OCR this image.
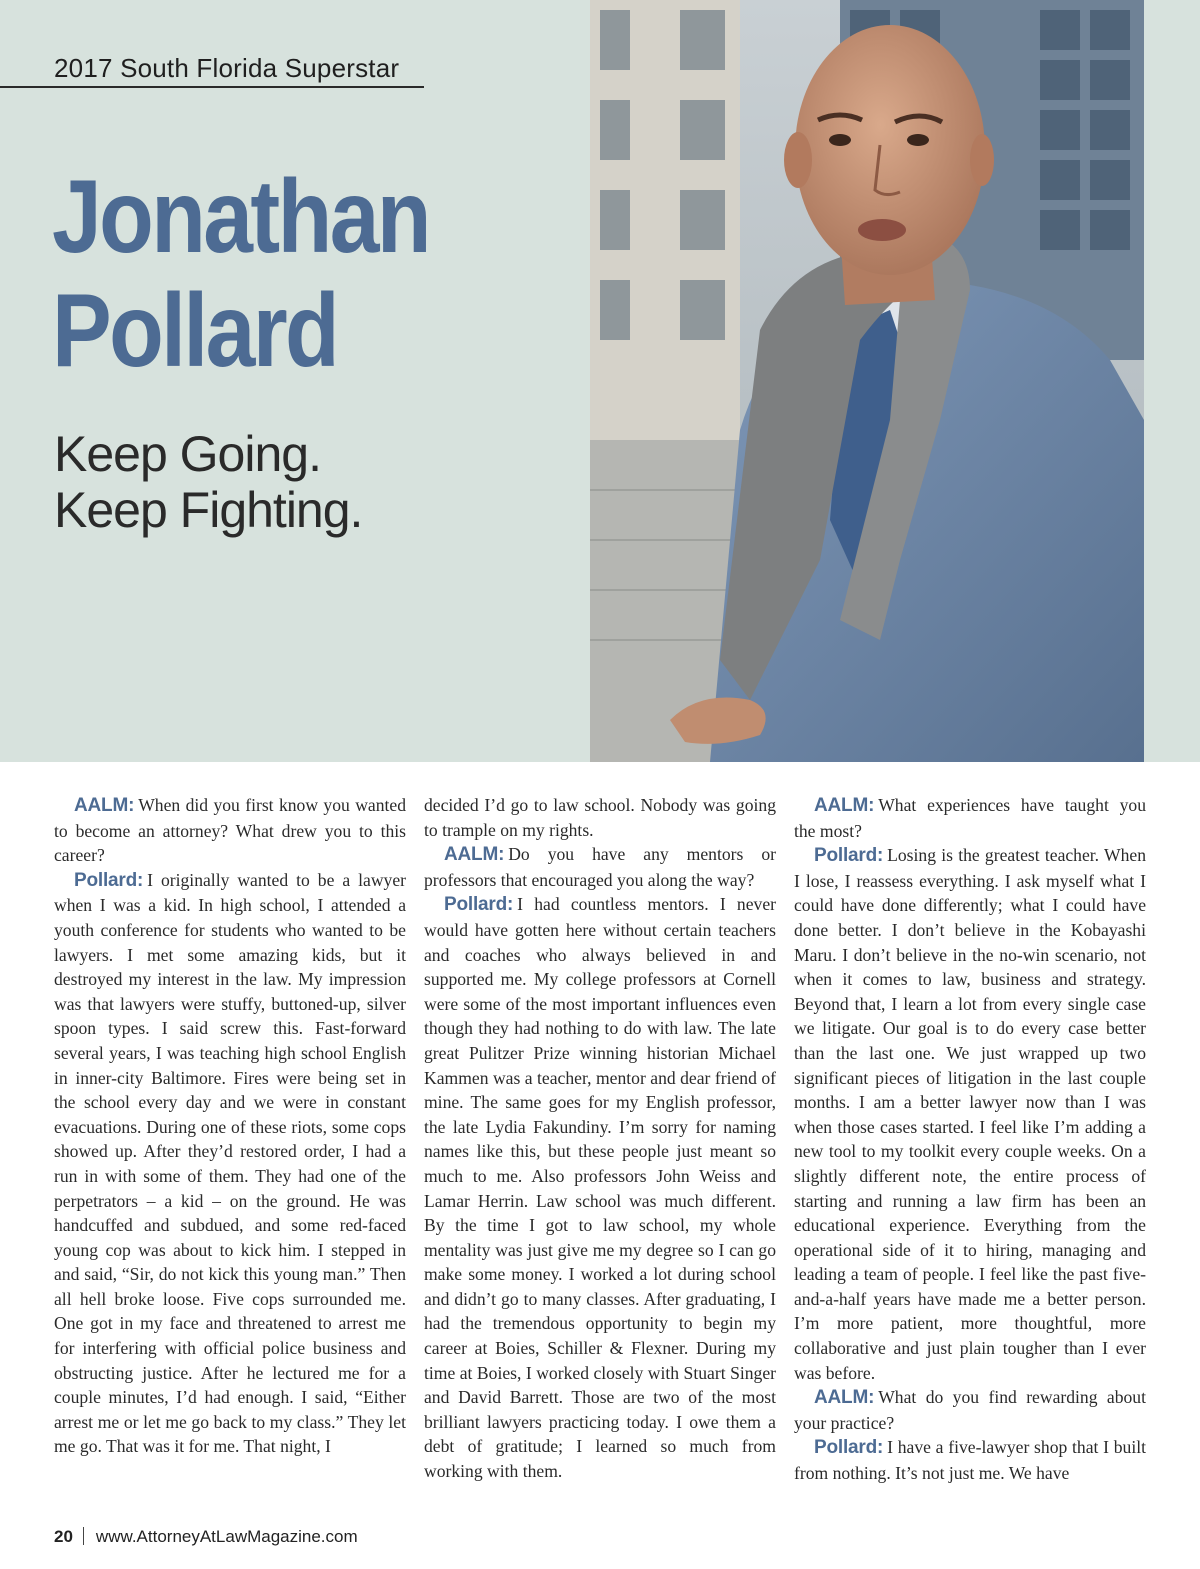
2017 South Florida Superstar
Jonathan
Pollard
Keep Going.
Keep Fighting.

AALM: When did you first know you wanted to become an attorney? What drew you to this career?

Pollard: I originally wanted to be a lawyer when I was a kid. In high school, I attended a youth conference for students who wanted to be lawyers. I met some amazing kids, but it destroyed my interest in the law. My impression was that lawyers were stuffy, buttoned-up, silver spoon types. I said screw this. Fast-forward several years, I was teaching high school English in inner-city Baltimore. Fires were being set in the school every day and we were in constant evacuations. During one of these riots, some cops showed up. After they’d restored order, I had a run in with some of them. They had one of the perpetrators – a kid – on the ground. He was handcuffed and subdued, and some red-faced young cop was about to kick him. I stepped in and said, “Sir, do not kick this young man.” Then all hell broke loose. Five cops surrounded me. One got in my face and threatened to arrest me for interfering with official police business and obstructing justice. After he lectured me for a couple minutes, I’d had enough. I said, “Either arrest me or let me go back to my class.” They let me go. That was it for me. That night, I

decided I’d go to law school. Nobody was going to trample on my rights.

AALM: Do you have any mentors or professors that encouraged you along the way?

Pollard: I had countless mentors. I never would have gotten here without certain teachers and coaches who always believed in and supported me. My college professors at Cornell were some of the most important influences even though they had nothing to do with law. The late great Pulitzer Prize winning historian Michael Kammen was a teacher, mentor and dear friend of mine. The same goes for my English professor, the late Lydia Fakundiny. I’m sorry for naming names like this, but these people just meant so much to me. Also professors John Weiss and Lamar Herrin. Law school was much different. By the time I got to law school, my whole mentality was just give me my degree so I can go make some money. I worked a lot during school and didn’t go to many classes. After graduating, I had the tremendous opportunity to begin my career at Boies, Schiller & Flexner. During my time at Boies, I worked closely with Stuart Singer and David Barrett. Those are two of the most brilliant lawyers practicing today. I owe them a debt of gratitude; I learned so much from working with them.

AALM: What experiences have taught you the most?

Pollard: Losing is the greatest teacher. When I lose, I reassess everything. I ask myself what I could have done differently; what I could have done better. I don’t believe in the Kobayashi Maru. I don’t believe in the no-win scenario, not when it comes to law, business and strategy. Beyond that, I learn a lot from every single case we litigate. Our goal is to do every case better than the last one. We just wrapped up two significant pieces of litigation in the last couple months. I am a better lawyer now than I was when those cases started. I feel like I’m adding a new tool to my toolkit every couple weeks. On a slightly different note, the entire process of starting and running a law firm has been an educational experience. Everything from the operational side of it to hiring, managing and leading a team of people. I feel like the past five-and-a-half years have made me a better person. I’m more patient, more thoughtful, more collaborative and just plain tougher than I ever was before.

AALM: What do you find rewarding about your practice?

Pollard: I have a five-lawyer shop that I built from nothing. It’s not just me. We have

20 www.AttorneyAtLawMagazine.com
